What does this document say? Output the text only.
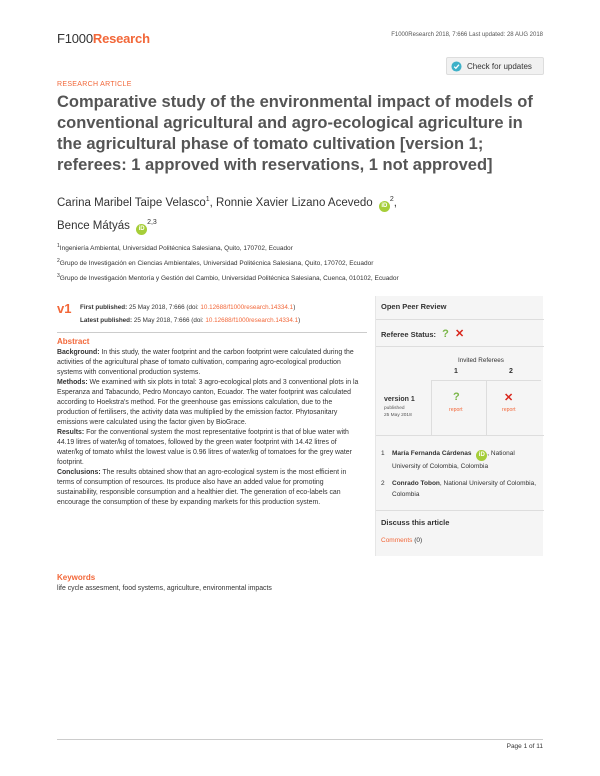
F1000Research	F1000Research 2018, 7:666 Last updated: 28 AUG 2018
Check for updates
RESEARCH ARTICLE
Comparative study of the environmental impact of models of conventional agricultural and agro-ecological agriculture in the agricultural phase of tomato cultivation [version 1; referees: 1 approved with reservations, 1 not approved]
Carina Maribel Taipe Velasco$^1$, Ronnie Xavier Lizano Acevedo $iD^2$,
Bence Mátyás iD$^{2,3}$
$^1$Ingeniería Ambiental, Universidad Politécnica Salesiana, Quito, 170702, Ecuador
$^2$Grupo de Investigación en Ciencias Ambientales, Universidad Politécnica Salesiana, Quito, 170702, Ecuador
$^3$Grupo de Investigación Mentoría y Gestión del Cambio, Universidad Politécnica Salesiana, Cuenca, 010102, Ecuador
v1 First published: 25 May 2018, 7:666 (doi: 10.12688/f1000research.14334.1)
Latest published: 25 May 2018, 7:666 (doi: 10.12688/f1000research.14334.1)
Abstract

Background: In this study, the water footprint and the carbon footprint were calculated during the activities of the agricultural phase of tomato cultivation, comparing agro-ecological production systems with conventional production systems.

Methods: We examined with six plots in total: 3 agro-ecological plots and 3 conventional plots in la Esperanza and Tabacundo, Pedro Moncayo canton, Ecuador. The water footprint was calculated according to Hoekstra's method. For the greenhouse gas emissions calculation, due to the production of fertilisers, the activity data was multiplied by the emission factor. Phytosanitary emissions were calculated using the factor given by BioGrace.

Results: For the conventional system the most representative footprint is that of blue water with 44.19 litres of water/kg of tomatoes, followed by the green water footprint with 14.42 litres of water/kg of tomato whilst the lowest value is 0.96 litres of water/kg of tomatoes for the grey water footprint.

Conclusions: The results obtained show that an agro-ecological system is the most efficient in terms of consumption of resources. Its produce also have an added value for promoting sustainability, responsible consumption and a healthier diet. The generation of eco-labels can encourage the consumption of these by expanding markets for this production system.

Keywords
life cycle assesment, food systems, agriculture, environmental impacts
Open Peer Review
Referee Status: ? ✕
Invited Referees
1	2
version 1
published
25 May 2018
?	✕
report	report
1 María Fernanda Cárdenas iD , National University of Colombia, Colombia
2 Conrado Tobon, National University of Colombia, Colombia
Discuss this article
Comments (0)
Page 1 of 11
